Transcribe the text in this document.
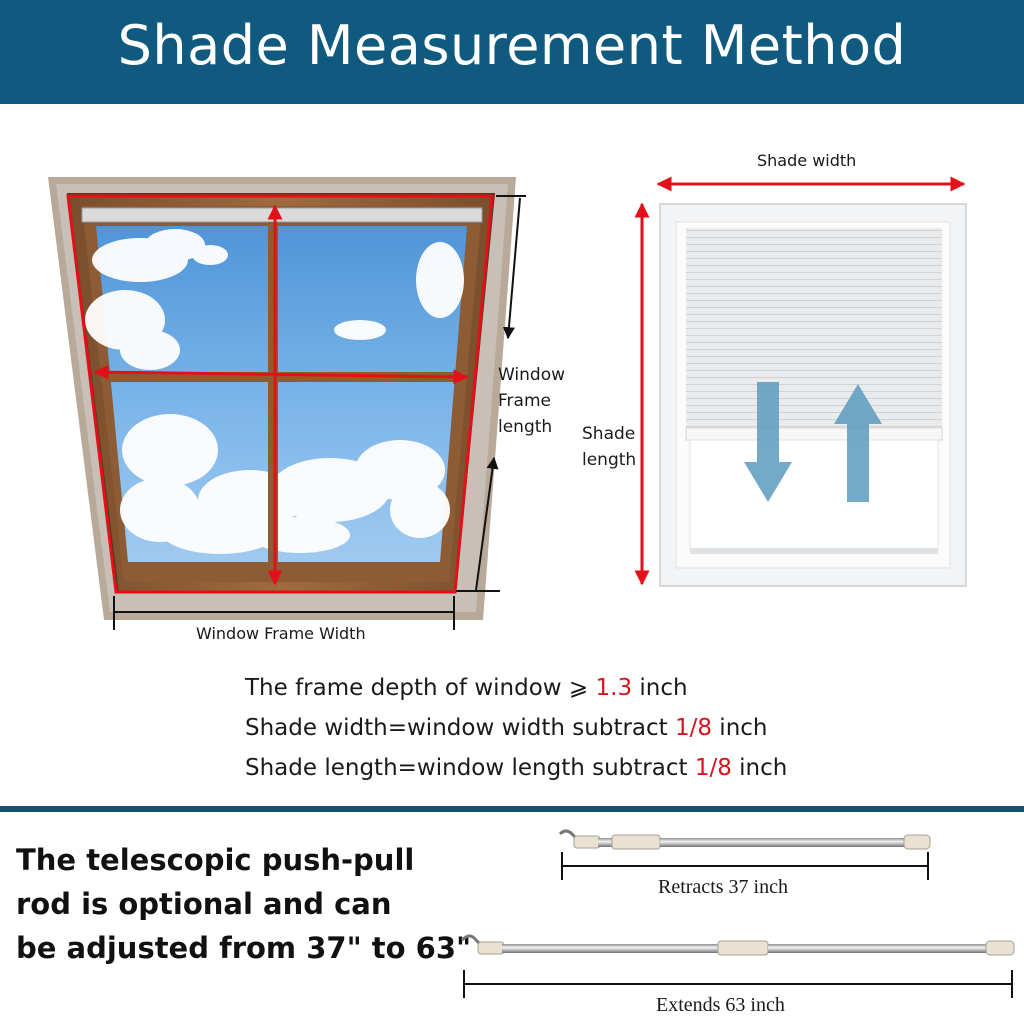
Shade Measurement Method
Window
Frame
length
Window Frame Width
Shade width
Shade
length
The frame depth of window ⩾ 1.3 inch
Shade width=window width subtract 1/8 inch
Shade length=window length subtract 1/8 inch
The telescopic push-pull
rod is optional and can
be adjusted from 37" to 63"
Retracts 37 inch
Extends 63 inch
